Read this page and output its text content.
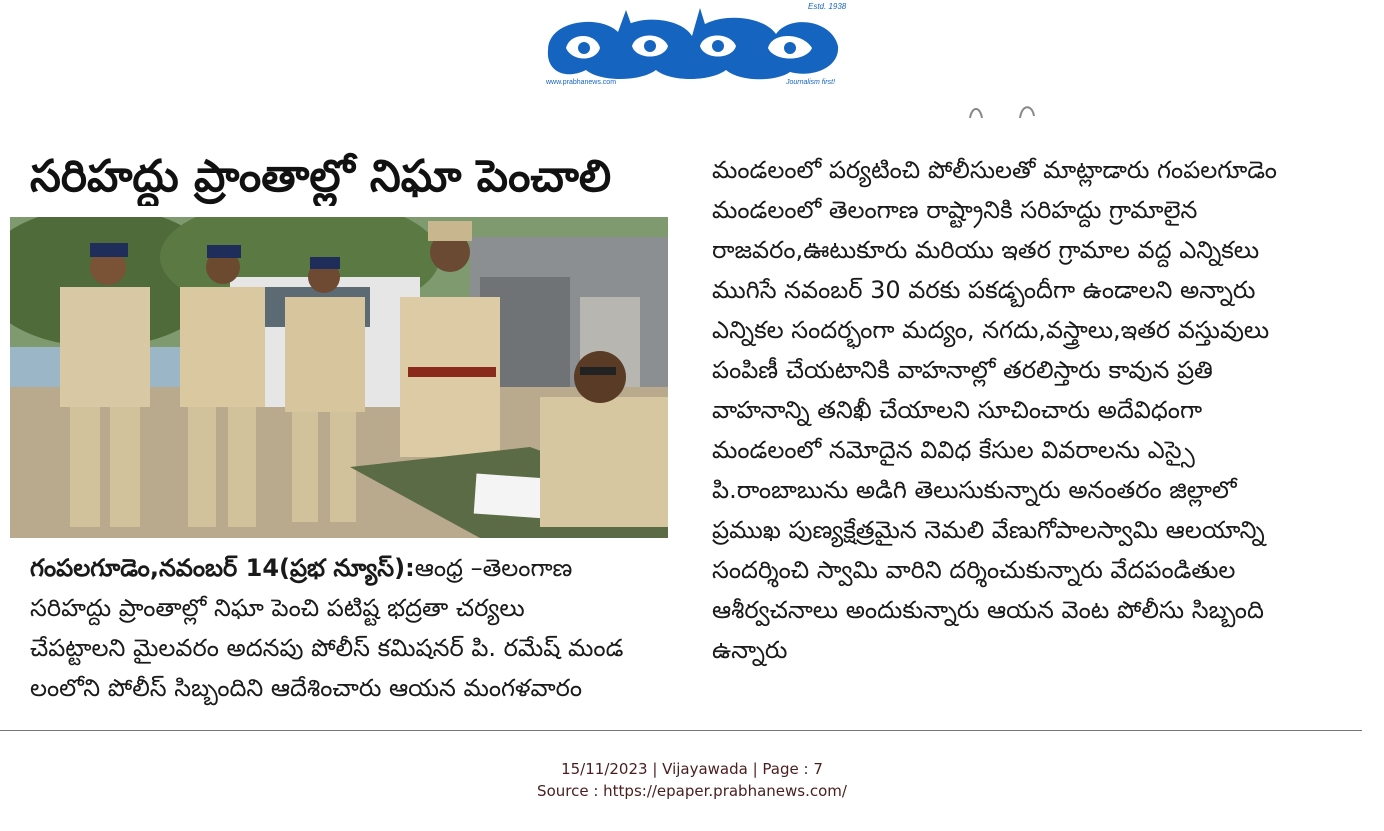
Estd. 1938
www.prabhanews.com	Journalism first!
సరిహద్దు ప్రాంతాల్లో నిఘా పెంచాలి
గంపలగూడెం,నవంబర్ 14(ప్రభ న్యూస్):ఆంధ్ర –తెలంగాణ
సరిహద్దు ప్రాంతాల్లో నిఘా పెంచి పటిష్ట భద్రతా చర్యలు
చేపట్టాలని మైలవరం అదనపు పోలీస్ కమిషనర్ పి. రమేష్ మండ
లంలోని పోలీస్ సిబ్బందిని ఆదేశించారు ఆయన మంగళవారం
మండలంలో పర్యటించి పోలీసులతో మాట్లాడారు గంపలగూడెం
మండలంలో తెలంగాణ రాష్ట్రానికి సరిహద్దు గ్రామాలైన
రాజవరం,ఊటుకూరు మరియు ఇతర గ్రామాల వద్ద ఎన్నికలు
ముగిసే నవంబర్ 30 వరకు పకడ్బందీగా ఉండాలని అన్నారు
ఎన్నికల సందర్భంగా మద్యం, నగదు,వస్త్రాలు,ఇతర వస్తువులు
పంపిణీ చేయటానికి వాహనాల్లో తరలిస్తారు కావున ప్రతి
వాహనాన్ని తనిఖీ చేయాలని సూచించారు అదేవిధంగా
మండలంలో నమోదైన వివిధ కేసుల వివరాలను ఎస్సై
పి.రాంబాబును అడిగి తెలుసుకున్నారు అనంతరం జిల్లాలో
ప్రముఖ పుణ్యక్షేత్రమైన నెమలి వేణుగోపాలస్వామి ఆలయాన్ని
సందర్శించి స్వామి వారిని దర్శించుకున్నారు వేదపండితుల
ఆశీర్వచనాలు అందుకున్నారు ఆయన వెంట పోలీసు సిబ్బంది
ఉన్నారు
15/11/2023 | Vijayawada | Page : 7
Source : https://epaper.prabhanews.com/
